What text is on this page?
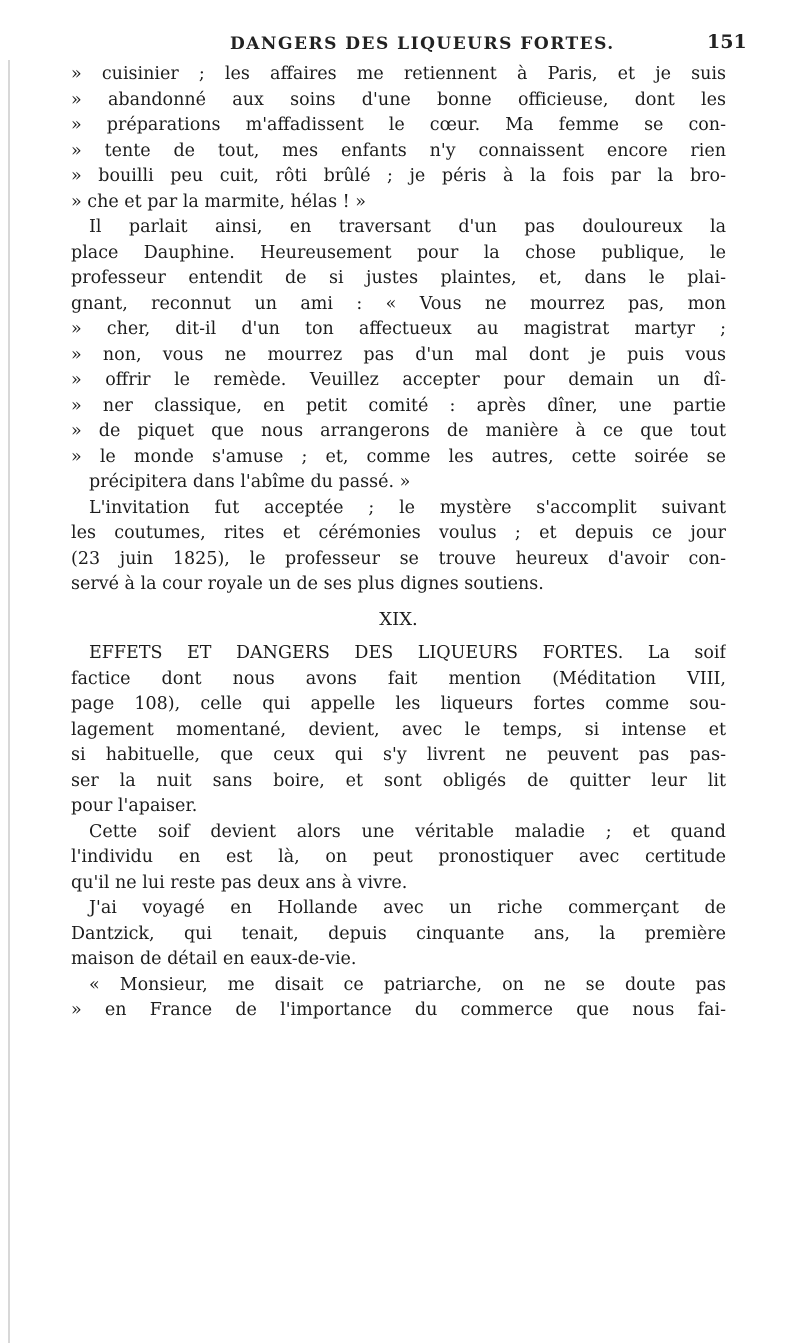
DANGERS DES LIQUEURS FORTES.	151
» cuisinier ; les affaires me retiennent à Paris, et je suis
» abandonné aux soins d'une bonne officieuse, dont les
» préparations m'affadissent le cœur. Ma femme se con-
» tente de tout, mes enfants n'y connaissent encore rien
» bouilli peu cuit, rôti brûlé ; je péris à la fois par la bro-
» che et par la marmite, hélas ! »
Il parlait ainsi, en traversant d'un pas douloureux la
place Dauphine. Heureusement pour la chose publique, le
professeur entendit de si justes plaintes, et, dans le plai-
gnant, reconnut un ami : « Vous ne mourrez pas, mon
» cher, dit-il d'un ton affectueux au magistrat martyr ;
» non, vous ne mourrez pas d'un mal dont je puis vous
» offrir le remède. Veuillez accepter pour demain un dî-
» ner classique, en petit comité : après dîner, une partie
» de piquet que nous arrangerons de manière à ce que tout
» le monde s'amuse ; et, comme les autres, cette soirée se
précipitera dans l'abîme du passé. »
L'invitation fut acceptée ; le mystère s'accomplit suivant
les coutumes, rites et cérémonies voulus ; et depuis ce jour
(23 juin 1825), le professeur se trouve heureux d'avoir con-
servé à la cour royale un de ses plus dignes soutiens.
XIX.
EFFETS ET DANGERS DES LIQUEURS FORTES. La soif
factice dont nous avons fait mention (Méditation VIII,
page 108), celle qui appelle les liqueurs fortes comme sou-
lagement momentané, devient, avec le temps, si intense et
si habituelle, que ceux qui s'y livrent ne peuvent pas pas-
ser la nuit sans boire, et sont obligés de quitter leur lit
pour l'apaiser.
Cette soif devient alors une véritable maladie ; et quand
l'individu en est là, on peut pronostiquer avec certitude
qu'il ne lui reste pas deux ans à vivre.
J'ai voyagé en Hollande avec un riche commerçant de
Dantzick, qui tenait, depuis cinquante ans, la première
maison de détail en eaux-de-vie.
« Monsieur, me disait ce patriarche, on ne se doute pas
» en France de l'importance du commerce que nous fai-
